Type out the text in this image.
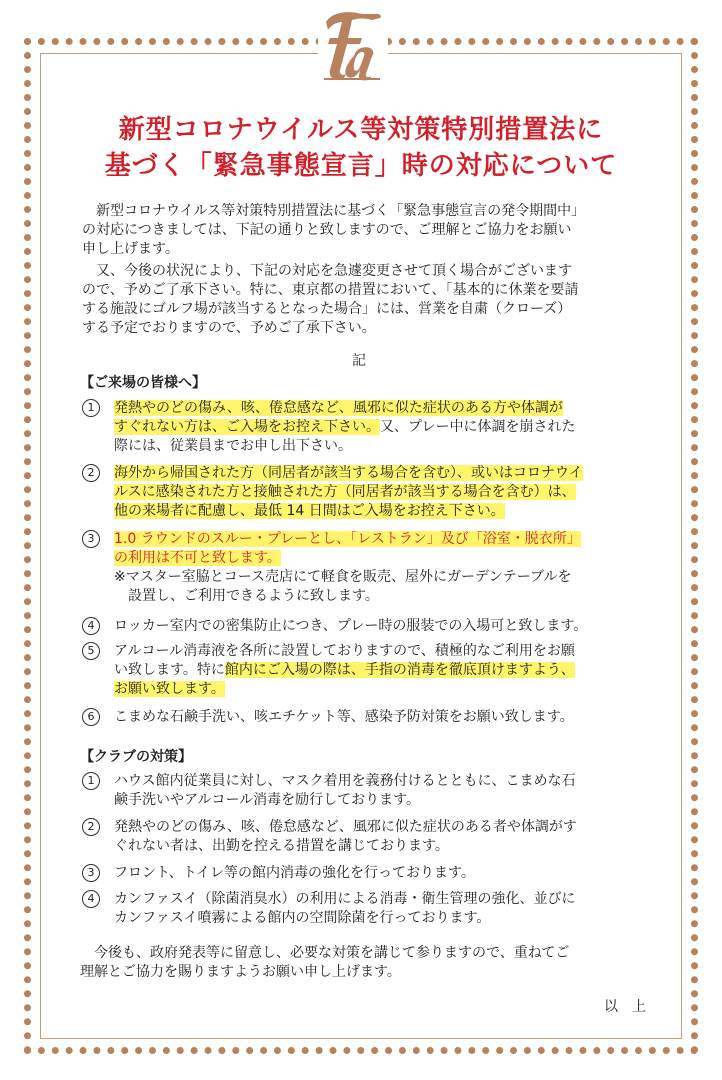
新型コロナウイルス等対策特別措置法に
基づく「緊急事態宣言」時の対応について
新型コロナウイルス等対策特別措置法に基づく「緊急事態宣言の発令期間中」
の対応につきましては、下記の通りと致しますので、ご理解とご協力をお願い
申し上げます。
又、今後の状況により、下記の対応を急遽変更させて頂く場合がございます
ので、予めご了承下さい。特に、東京都の措置において、「基本的に休業を要請
する施設にゴルフ場が該当するとなった場合」には、営業を自粛（クローズ）
する予定でおりますので、予めご了承下さい。
記
【ご来場の皆様へ】
1	発熱やのどの傷み、咳、倦怠感など、風邪に似た症状のある方や体調が
すぐれない方は、ご入場をお控え下さい。又、プレー中に体調を崩された
際には、従業員までお申し出下さい。
2	海外から帰国された方（同居者が該当する場合を含む）、或いはコロナウイ
ルスに感染された方と接触された方（同居者が該当する場合を含む）は、
他の来場者に配慮し、最低 14 日間はご入場をお控え下さい。
3	1.0 ラウンドのスルー・プレーとし、「レストラン」及び「浴室・脱衣所」
の利用は不可と致します。
※マスター室脇とコース売店にて軽食を販売、屋外にガーデンテーブルを
　設置し、ご利用できるように致します。
4	ロッカー室内での密集防止につき、プレー時の服装での入場可と致します。
5	アルコール消毒液を各所に設置しておりますので、積極的なご利用をお願
い致します。特に館内にご入場の際は、手指の消毒を徹底頂けますよう、
お願い致します。
6	こまめな石鹸手洗い、咳エチケット等、感染予防対策をお願い致します。
【クラブの対策】
1	ハウス館内従業員に対し、マスク着用を義務付けるとともに、こまめな石
鹸手洗いやアルコール消毒を励行しております。
2	発熱やのどの傷み、咳、倦怠感など、風邪に似た症状のある者や体調がす
ぐれない者は、出勤を控える措置を講じております。
3	フロント、トイレ等の館内消毒の強化を行っております。
4	カンファスイ（除菌消臭水）の利用による消毒・衛生管理の強化、並びに
カンファスイ噴霧による館内の空間除菌を行っております。
今後も、政府発表等に留意し、必要な対策を講じて参りますので、重ねてご
理解とご協力を賜りますようお願い申し上げます。
以上
